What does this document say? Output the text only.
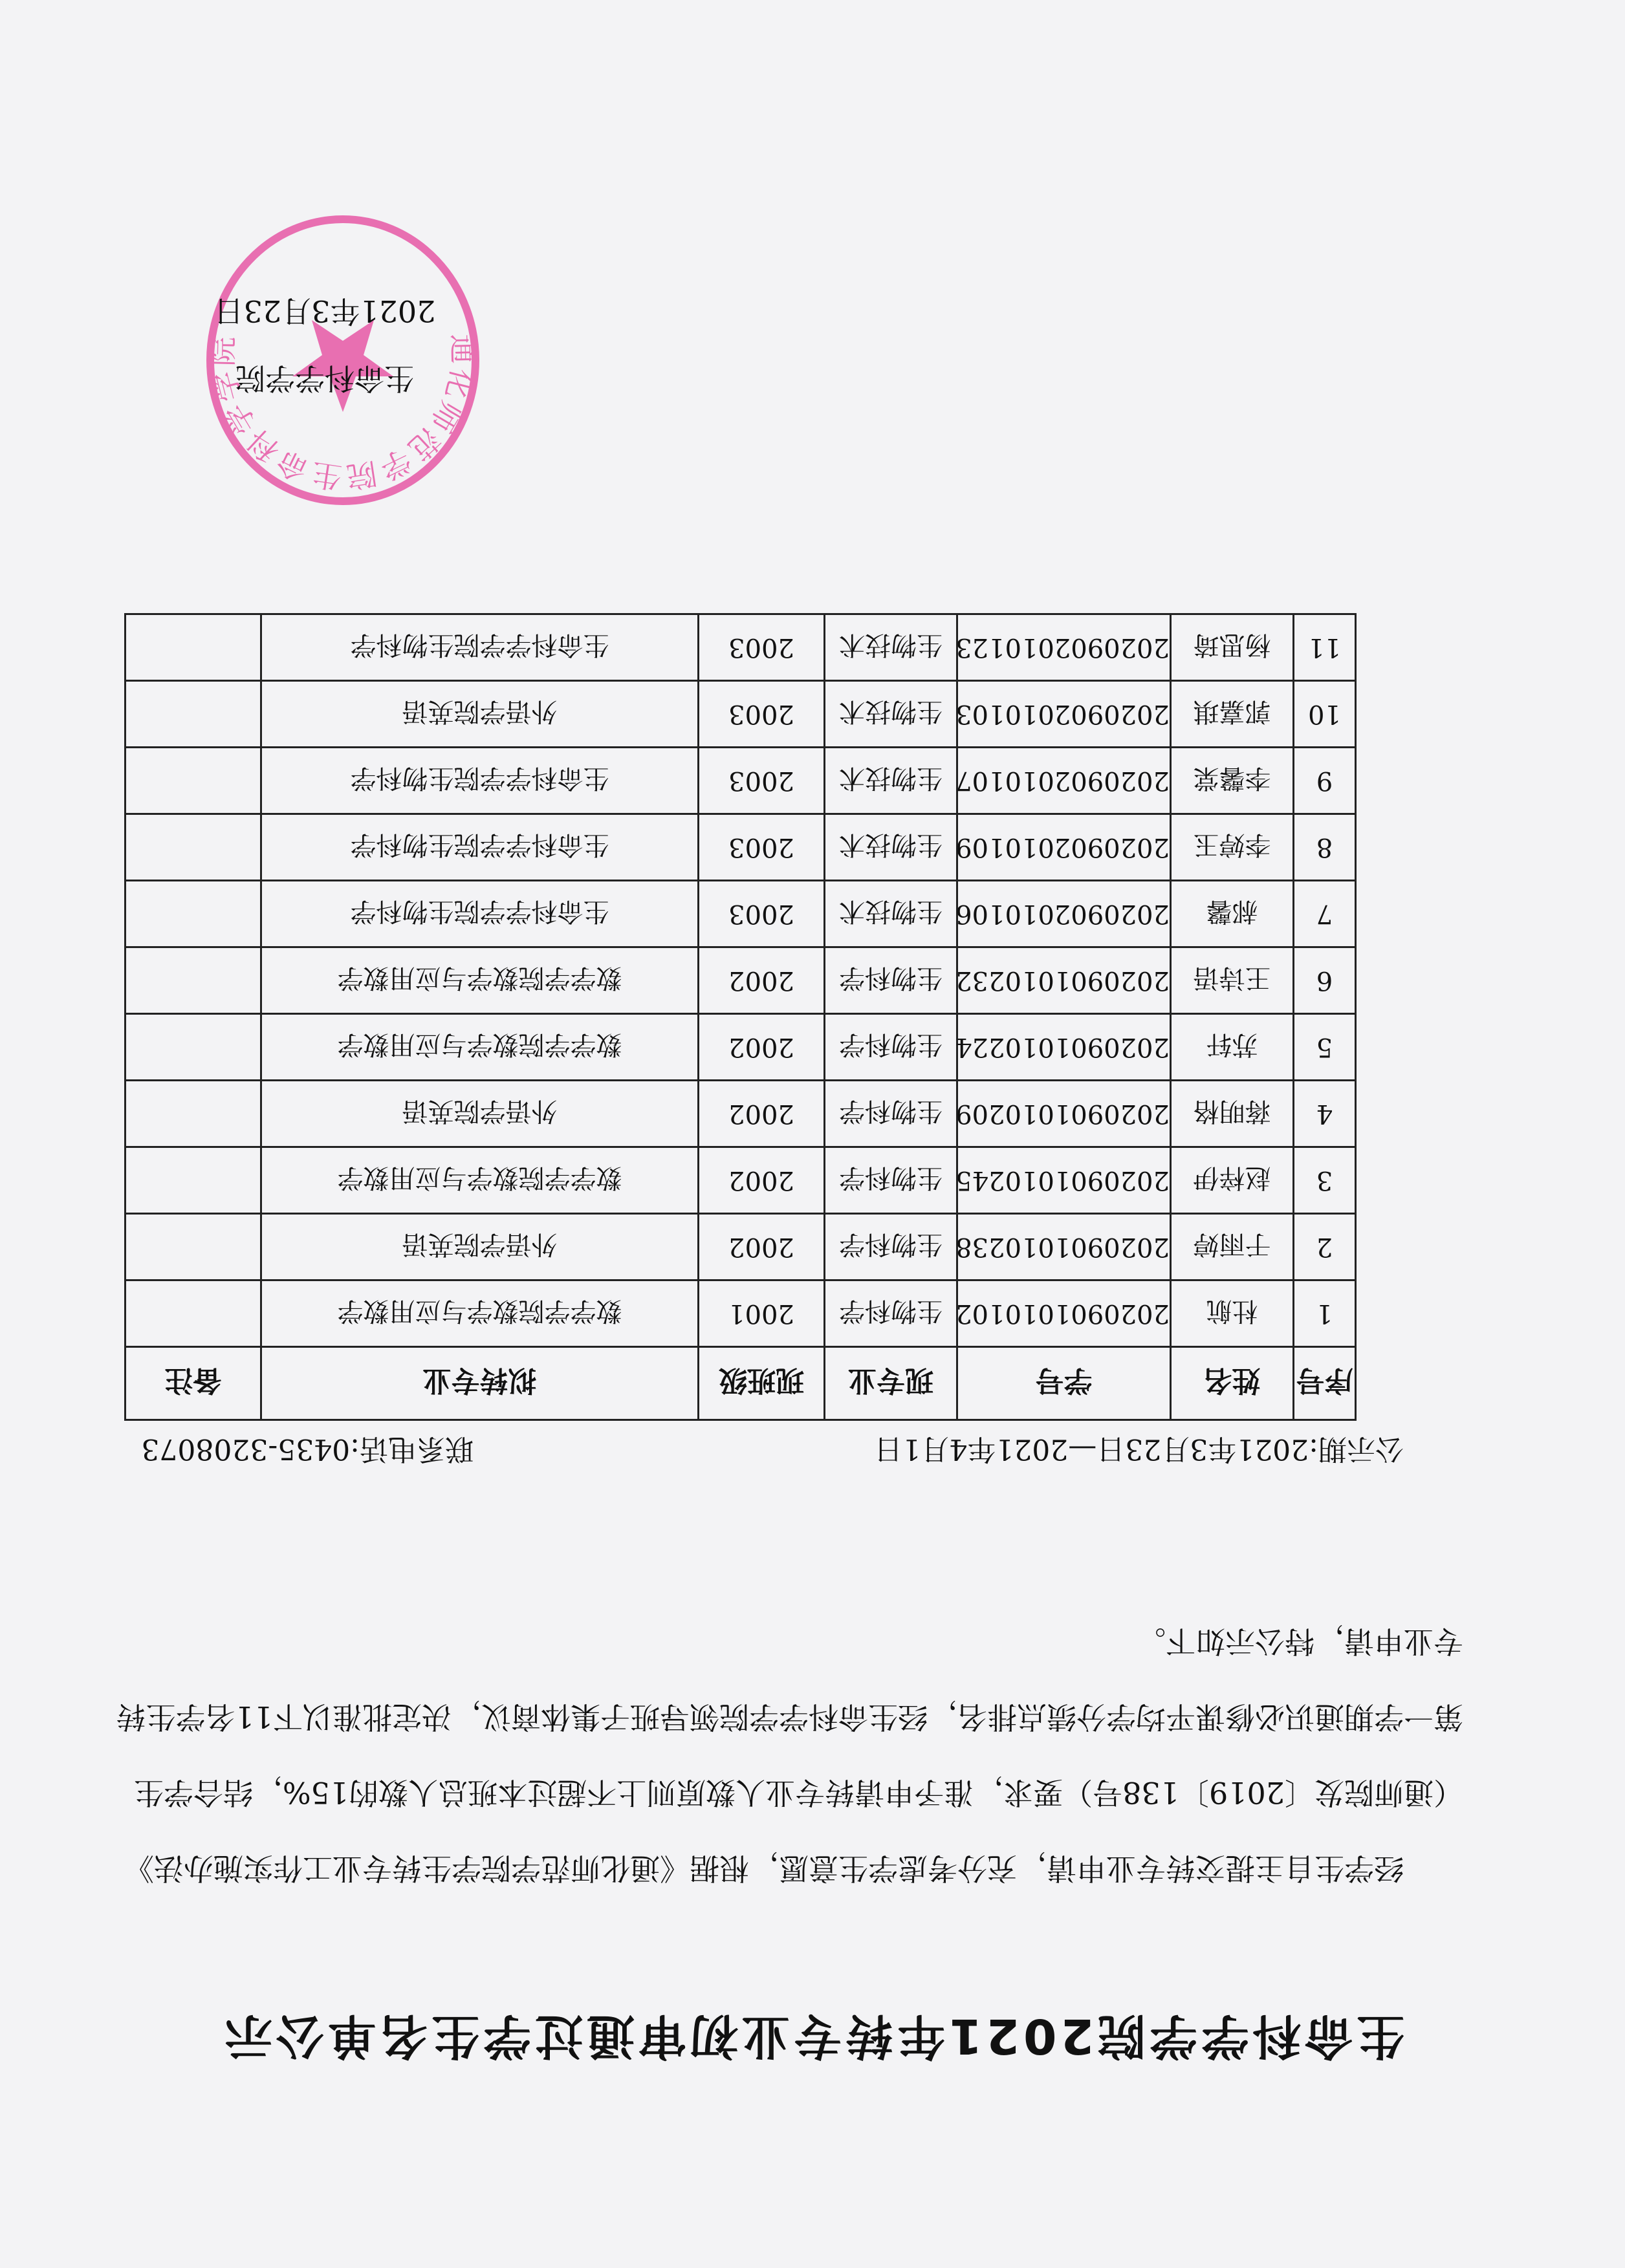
生命科学学院2021年转专业初审通过学生名单公示
经学生自主提交转专业申请，充分考虑学生意愿，根据《通化师范学院学生转专业工作实施办法》（通师院发〔2019〕138号）要求，准予申请转专业人数原则上不超过本班总人数的15%，结合学生第一学期通识必修课平均学分绩点排名，经生命科学学院领导班子集体商议，决定批准以下11名学生转专业申请，特公示如下。
公示期:2021年3月23日—2021年4月1日
联系电话:0435-3208073
序号	姓名	学号	现专业	现班级	拟转专业	备注
1	杜航	2020901010102	生物科学	2001	数学学院数学与应用数学	
2	于雨婷	2020901010238	生物科学	2002	外语学院英语	
3	赵梓伊	2020901010245	生物科学	2002	数学学院数学与应用数学	
4	蒋明格	2020901010209	生物科学	2002	外语学院英语	
5	苏轩	2020901010224	生物科学	2002	数学学院数学与应用数学	
6	王诗语	2020901010232	生物科学	2002	数学学院数学与应用数学	
7	郝馨	2020902010106	生物技术	2003	生命科学学院生物科学	
8	李婷玉	2020902010109	生物技术	2003	生命科学学院生物科学	
9	李馨棠	2020902010107	生物技术	2003	生命科学学院生物科学	
10	郭嘉琪	2020902010103	生物技术	2003	外语学院英语	
11	杨思琦	2020902010123	生物技术	2003	生命科学学院生物科学	
通化师范学院生命科学学院
生命科学学院
2021年3月23日
